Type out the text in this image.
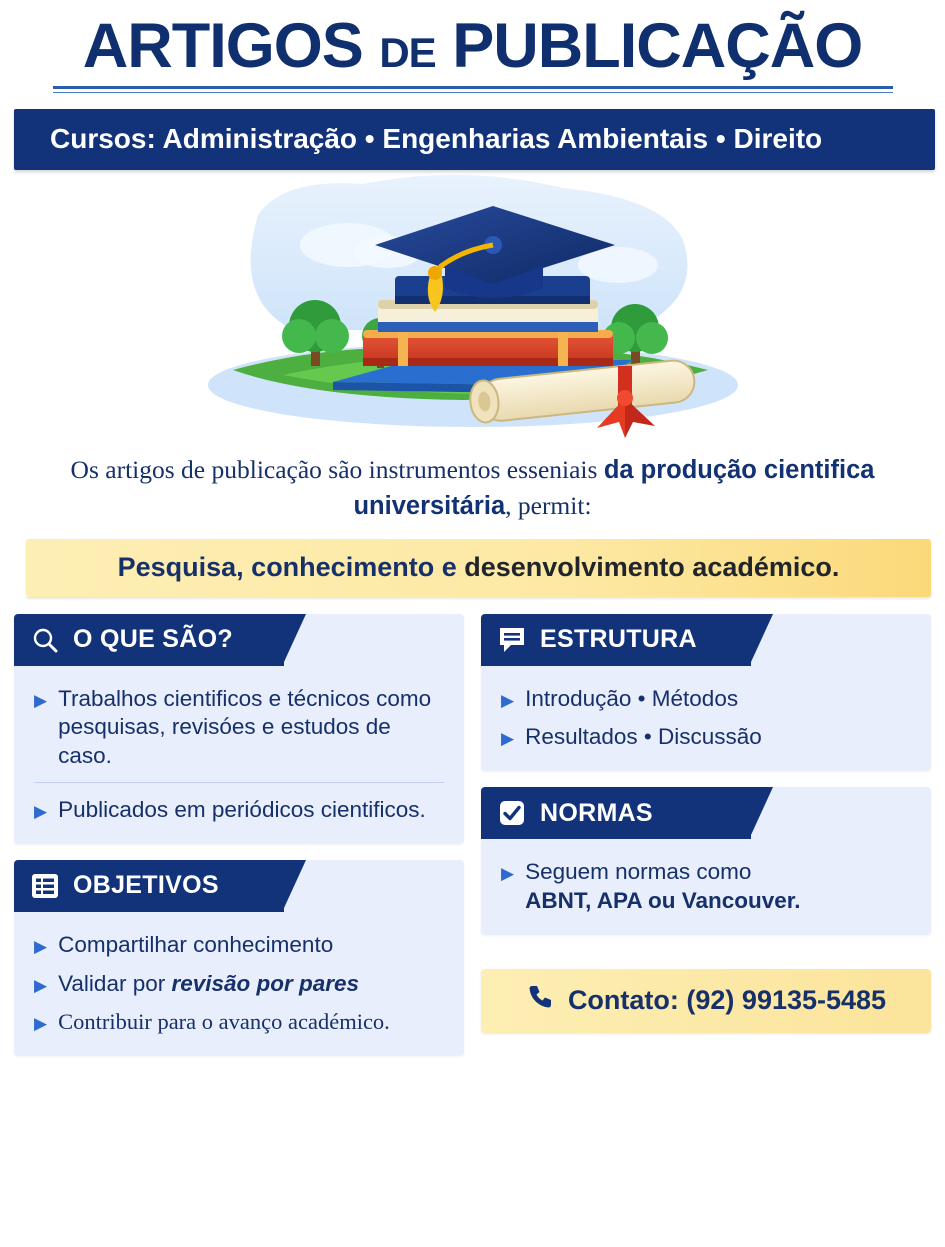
ARTIGOS DE PUBLICAÇÃO
Cursos: Administração • Engenharias Ambientais • Direito
Os artigos de publicação são instrumentos esseniais da produção cientifica universitária, permit:
Pesquisa, conhecimento e desenvolvimento académico.
O QUE SÃO?
▶ Trabalhos cientificos e técnicos como pesquisas, revisóes e estudos de caso.
▶ Publicados em periódicos cientificos.
OBJETIVOS
▶ Compartilhar conhecimento
▶ Validar por revisão por pares
▶ Contribuir para o avanço académico.
ESTRUTURA
▶ Introdução • Métodos
▶ Resultados • Discussão
NORMAS
▶ Seguem normas como
ABNT, APA ou Vancouver.
Contato: (92) 99135-5485
